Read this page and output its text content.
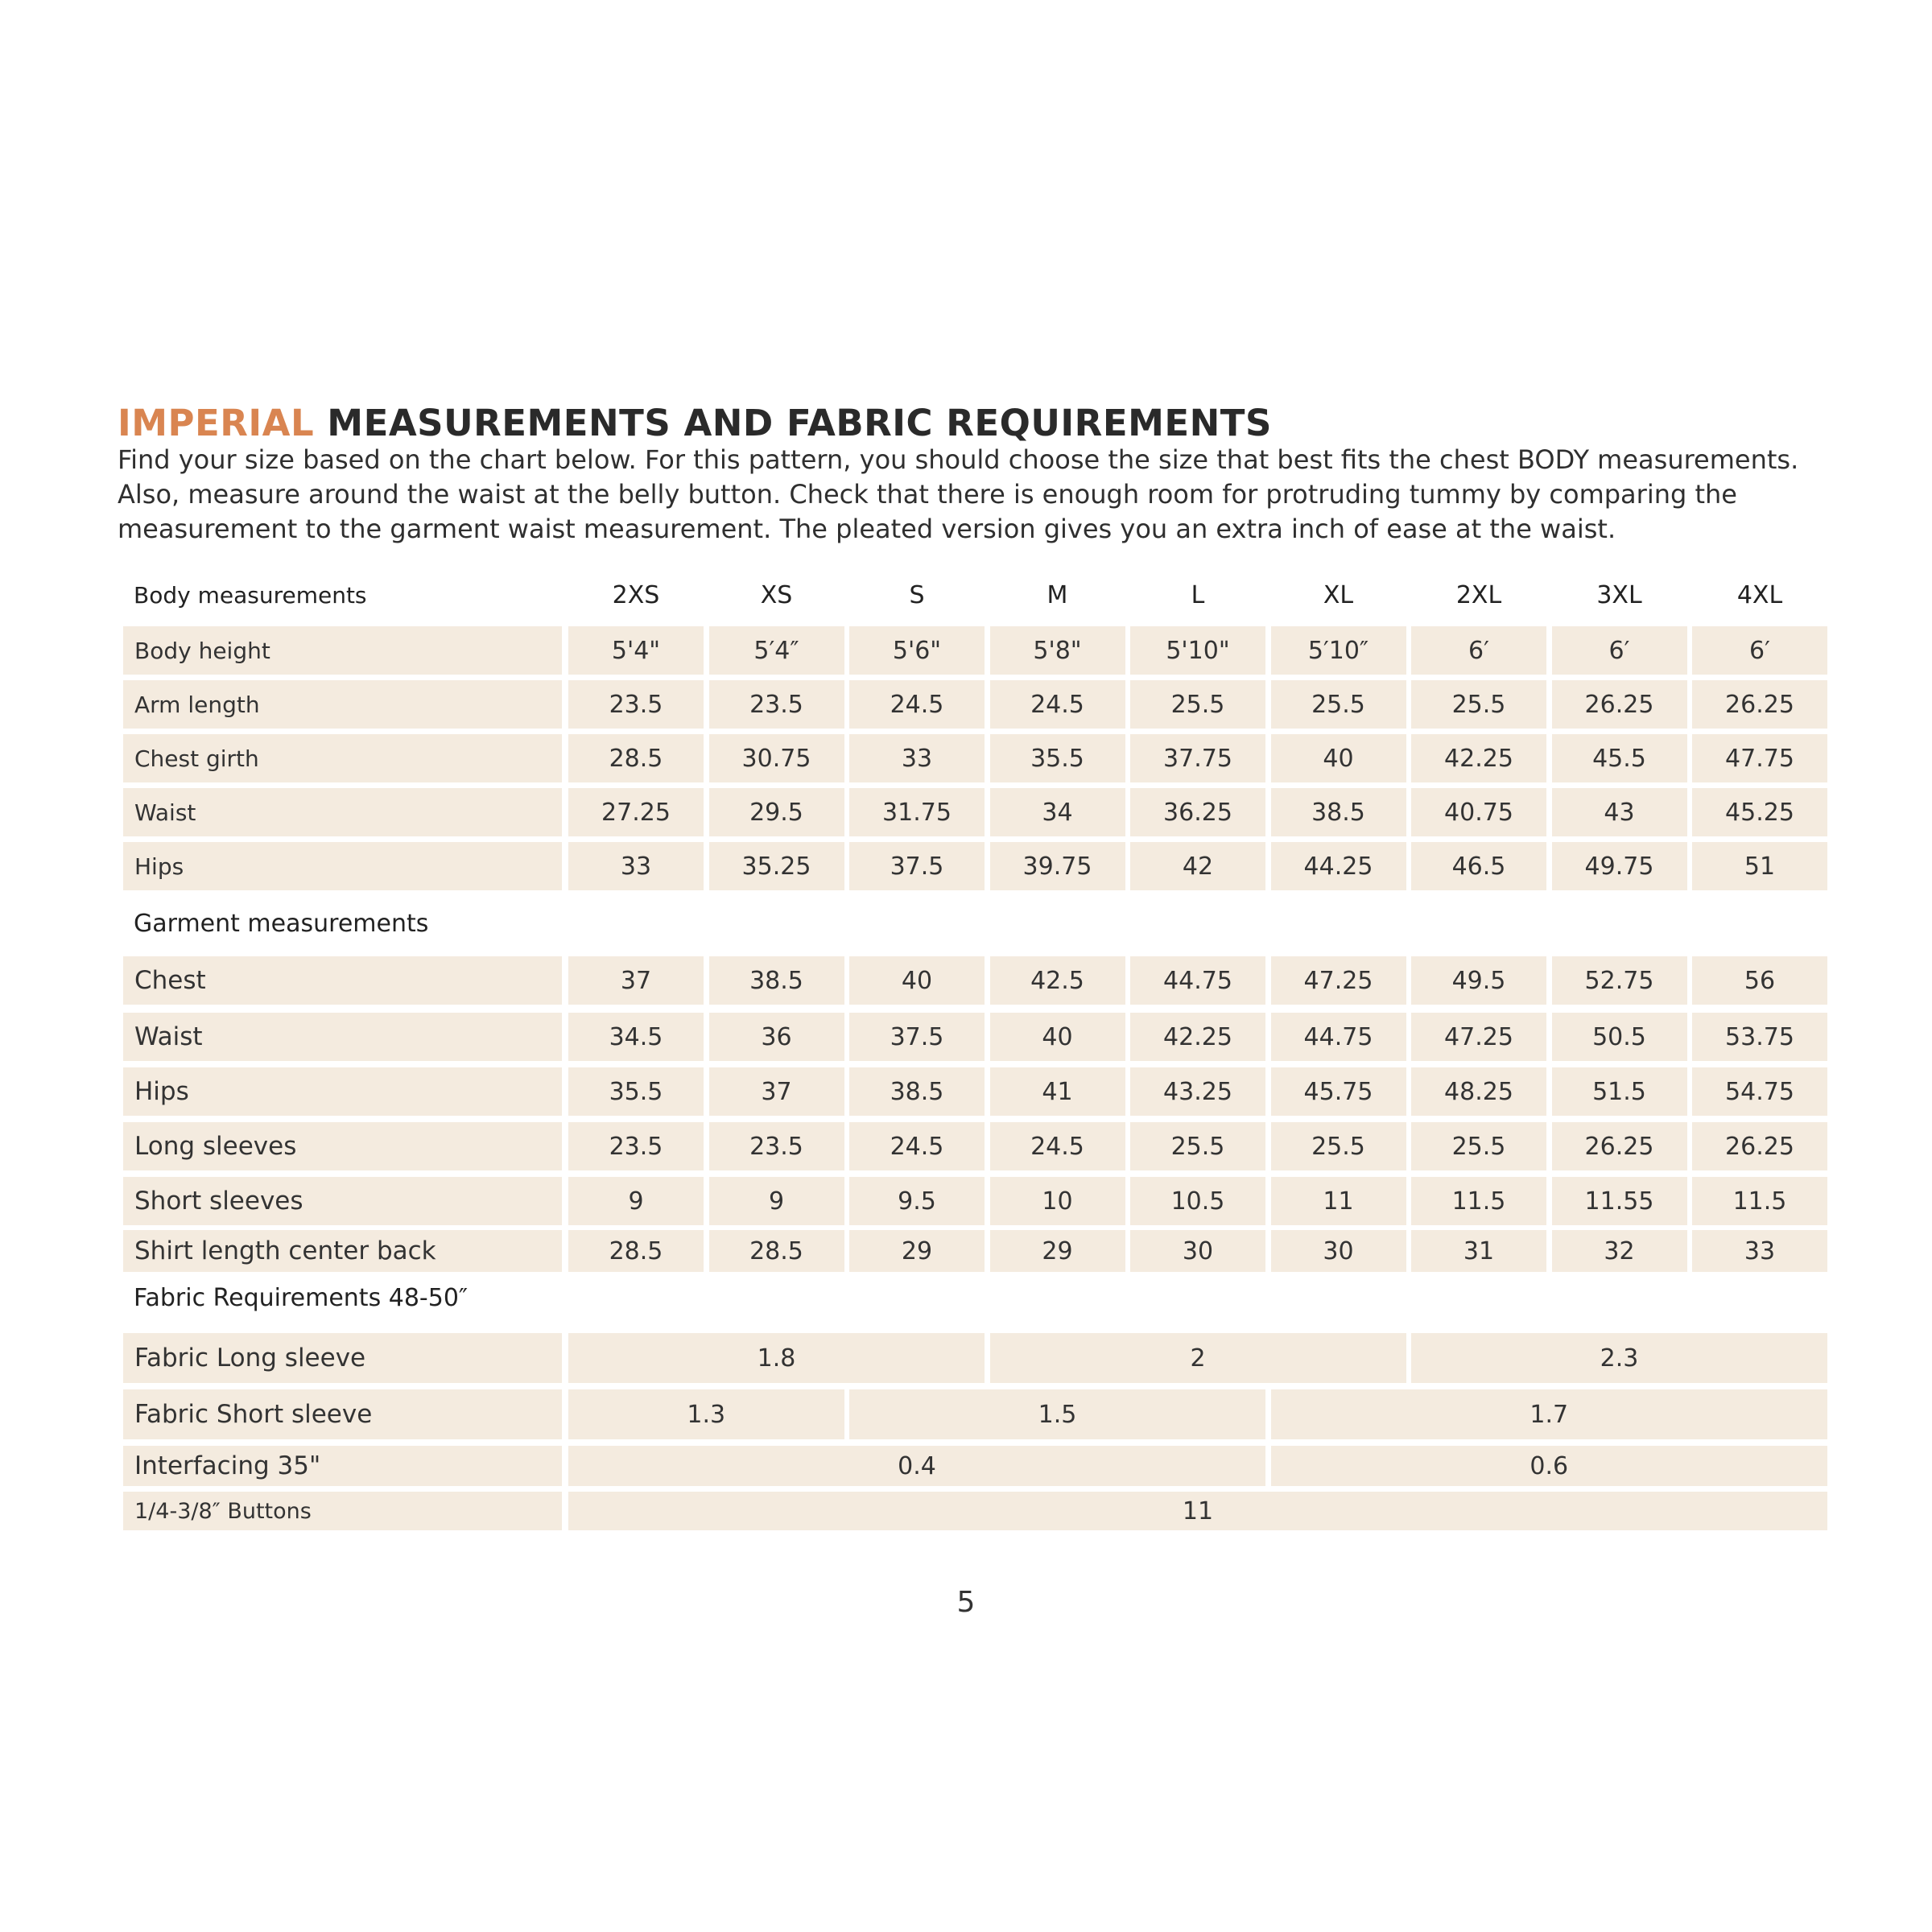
IMPERIAL MEASUREMENTS AND FABRIC REQUIREMENTS

Find your size based on the chart below. For this pattern, you should choose the size that best fits the chest BODY measurements.

Also, measure around the waist at the belly button. Check that there is enough room for protruding tummy by comparing the

measurement to the garment waist measurement. The pleated version gives you an extra inch of ease at the waist.

Body measurements	2XS	XS	S	M	L	XL	2XL	3XL	4XL
Body height	5'4"	5′4″	5'6"	5'8"	5'10"	5′10″	6′	6′	6′
Arm length	23.5	23.5	24.5	24.5	25.5	25.5	25.5	26.25	26.25
Chest girth	28.5	30.75	33	35.5	37.75	40	42.25	45.5	47.75
Waist	27.25	29.5	31.75	34	36.25	38.5	40.75	43	45.25
Hips	33	35.25	37.5	39.75	42	44.25	46.5	49.75	51
Garment measurements
Chest	37	38.5	40	42.5	44.75	47.25	49.5	52.75	56
Waist	34.5	36	37.5	40	42.25	44.75	47.25	50.5	53.75
Hips	35.5	37	38.5	41	43.25	45.75	48.25	51.5	54.75
Long sleeves	23.5	23.5	24.5	24.5	25.5	25.5	25.5	26.25	26.25
Short sleeves	9	9	9.5	10	10.5	11	11.5	11.55	11.5
Shirt length center back	28.5	28.5	29	29	30	30	31	32	33
Fabric Requirements 48-50″
Fabric Long sleeve	1.8	2	2.3
Fabric Short sleeve	1.3	1.5	1.7
Interfacing 35"	0.4	0.6
1/4-3/8″ Buttons	11
5
